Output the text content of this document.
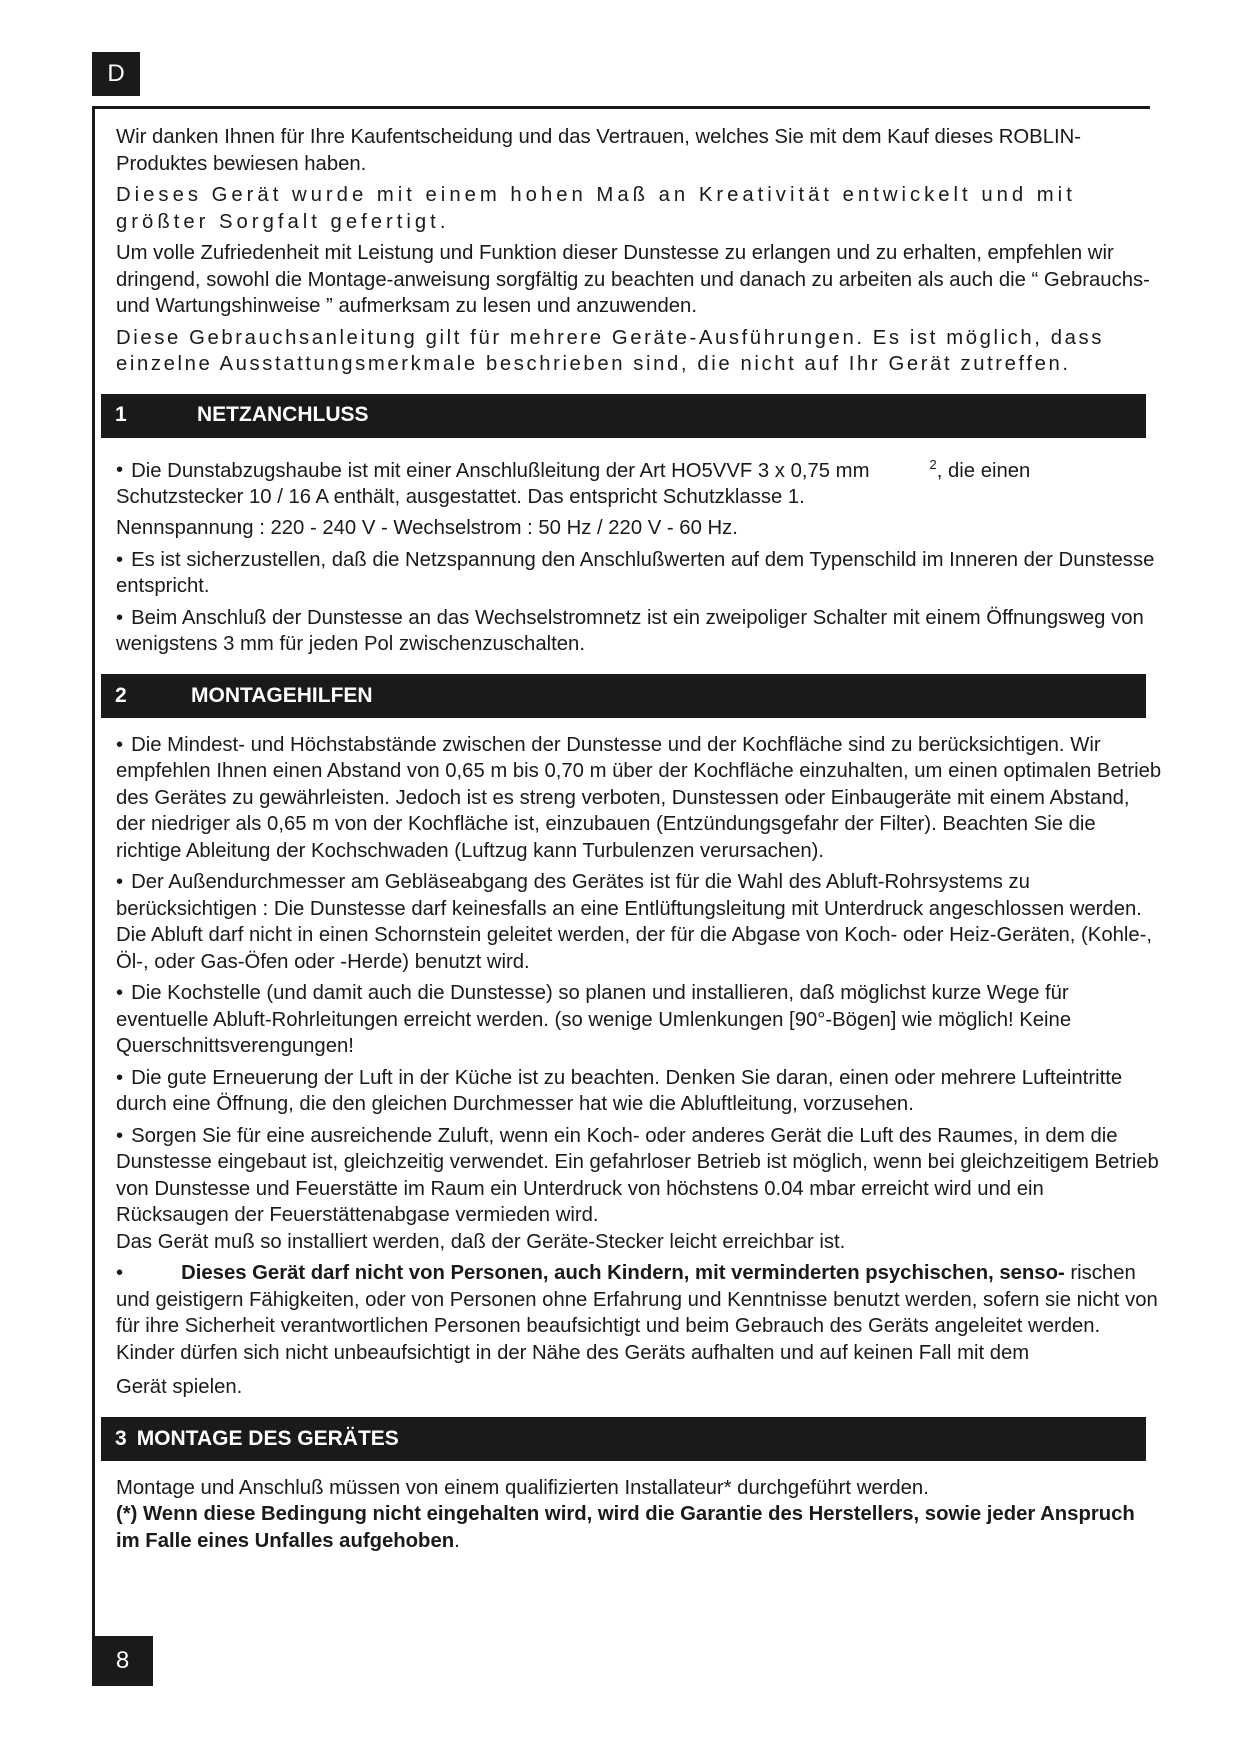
D

Wir danken Ihnen für Ihre Kaufentscheidung und das Vertrauen, welches Sie mit dem Kauf dieses ROBLIN-Produktes bewiesen haben.

Dieses Gerät wurde mit einem hohen Maß an Kreativität entwickelt und mit größter Sorgfalt gefertigt.

Um volle Zufriedenheit mit Leistung und Funktion dieser Dunstesse zu erlangen und zu erhalten, empfehlen wir dringend, sowohl die Montage-anweisung sorgfältig zu beachten und danach zu arbeiten als auch die “ Gebrauchs- und Wartungshinweise ” aufmerksam zu lesen und anzuwenden.

Diese Gebrauchsanleitung gilt für mehrere Geräte-Ausführungen. Es ist möglich, dass einzelne Ausstattungsmerkmale beschrieben sind, die nicht auf Ihr Gerät zutreffen.

1	NETZANCHLUSS

• Die Dunstabzugshaube ist mit einer Anschlußleitung der Art HO5VVF 3 x 0,75 mm	$^2$, die einen Schutzstecker 10 / 16 A enthält, ausgestattet. Das entspricht Schutzklasse 1.

Nennspannung : 220 - 240 V - Wechselstrom : 50 Hz / 220 V - 60 Hz.

• Es ist sicherzustellen, daß die Netzspannung den Anschlußwerten auf dem Typenschild im Inneren der Dunstesse entspricht.

• Beim Anschluß der Dunstesse an das Wechselstromnetz ist ein zweipoliger Schalter mit einem Öffnungsweg von wenigstens 3 mm für jeden Pol zwischenzuschalten.

2	MONTAGEHILFEN

• Die Mindest- und Höchstabstände zwischen der Dunstesse und der Kochfläche sind zu berücksichtigen. Wir empfehlen Ihnen einen Abstand von 0,65 m bis 0,70 m über der Kochfläche einzuhalten, um einen optimalen Betrieb des Gerätes zu gewährleisten. Jedoch ist es streng verboten, Dunstessen oder Einbaugeräte mit einem Abstand, der niedriger als 0,65 m von der Kochfläche ist, einzubauen (Entzündungsgefahr der Filter). Beachten Sie die richtige Ableitung der Kochschwaden (Luftzug kann Turbulenzen verursachen).

• Der Außendurchmesser am Gebläseabgang des Gerätes ist für die Wahl des Abluft-Rohrsystems zu berücksichtigen : Die Dunstesse darf keinesfalls an eine Entlüftungsleitung mit Unterdruck angeschlossen werden. Die Abluft darf nicht in einen Schornstein geleitet werden, der für die Abgase von Koch- oder Heiz-Geräten, (Kohle-, Öl-, oder Gas-Öfen oder -Herde) benutzt wird.

• Die Kochstelle (und damit auch die Dunstesse) so planen und installieren, daß möglichst kurze Wege für eventuelle Abluft-Rohrleitungen erreicht werden. (so wenige Umlenkungen [90°-Bögen] wie möglich! Keine Querschnittsverengungen!

• Die gute Erneuerung der Luft in der Küche ist zu beachten. Denken Sie daran, einen oder mehrere Lufteintritte durch eine Öffnung, die den gleichen Durchmesser hat wie die Abluftleitung, vorzusehen.

• Sorgen Sie für eine ausreichende Zuluft, wenn ein Koch- oder anderes Gerät die Luft des Raumes, in dem die Dunstesse eingebaut ist, gleichzeitig verwendet. Ein gefahrloser Betrieb ist möglich, wenn bei gleichzeitigem Betrieb von Dunstesse und Feuerstätte im Raum ein Unterdruck von höchstens 0.04 mbar erreicht wird und ein Rücksaugen der Feuerstättenabgase vermieden wird.

Das Gerät muß so installiert werden, daß der Geräte-Stecker leicht erreichbar ist.

•	Dieses Gerät darf nicht von Personen, auch Kindern, mit verminderten psychischen, senso- rischen und geistigern Fähigkeiten, oder von Personen ohne Erfahrung und Kenntnisse benutzt werden, sofern sie nicht von für ihre Sicherheit verantwortlichen Personen beaufsichtigt und beim Gebrauch des Geräts angeleitet werden.

Kinder dürfen sich nicht unbeaufsichtigt in der Nähe des Geräts aufhalten und auf keinen Fall mit dem

Gerät spielen.

3 MONTAGE DES GERÄTES

Montage und Anschluß müssen von einem qualifizierten Installateur* durchgeführt werden.

(*) Wenn diese Bedingung nicht eingehalten wird, wird die Garantie des Herstellers, sowie jeder Anspruch im Falle eines Unfalles aufgehoben.

8
